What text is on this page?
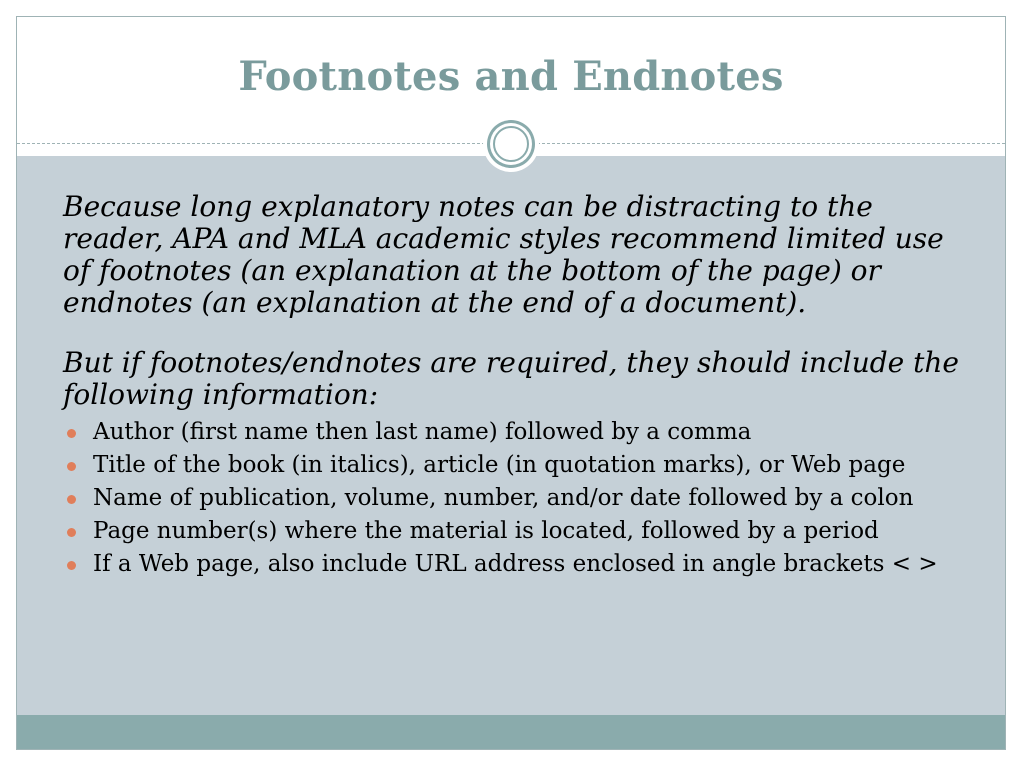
Footnotes and Endnotes

Because long explanatory notes can be distracting to the reader, APA and MLA academic styles recommend limited use of footnotes (an explanation at the bottom of the page) or endnotes (an explanation at the end of a document).

But if footnotes/endnotes are required, they should include the following information:

Author (first name then last name) followed by a comma
Title of the book (in italics), article (in quotation marks), or Web page
Name of publication, volume, number, and/or date followed by a colon
Page number(s) where the material is located, followed by a period
If a Web page, also include URL address enclosed in angle brackets < >
